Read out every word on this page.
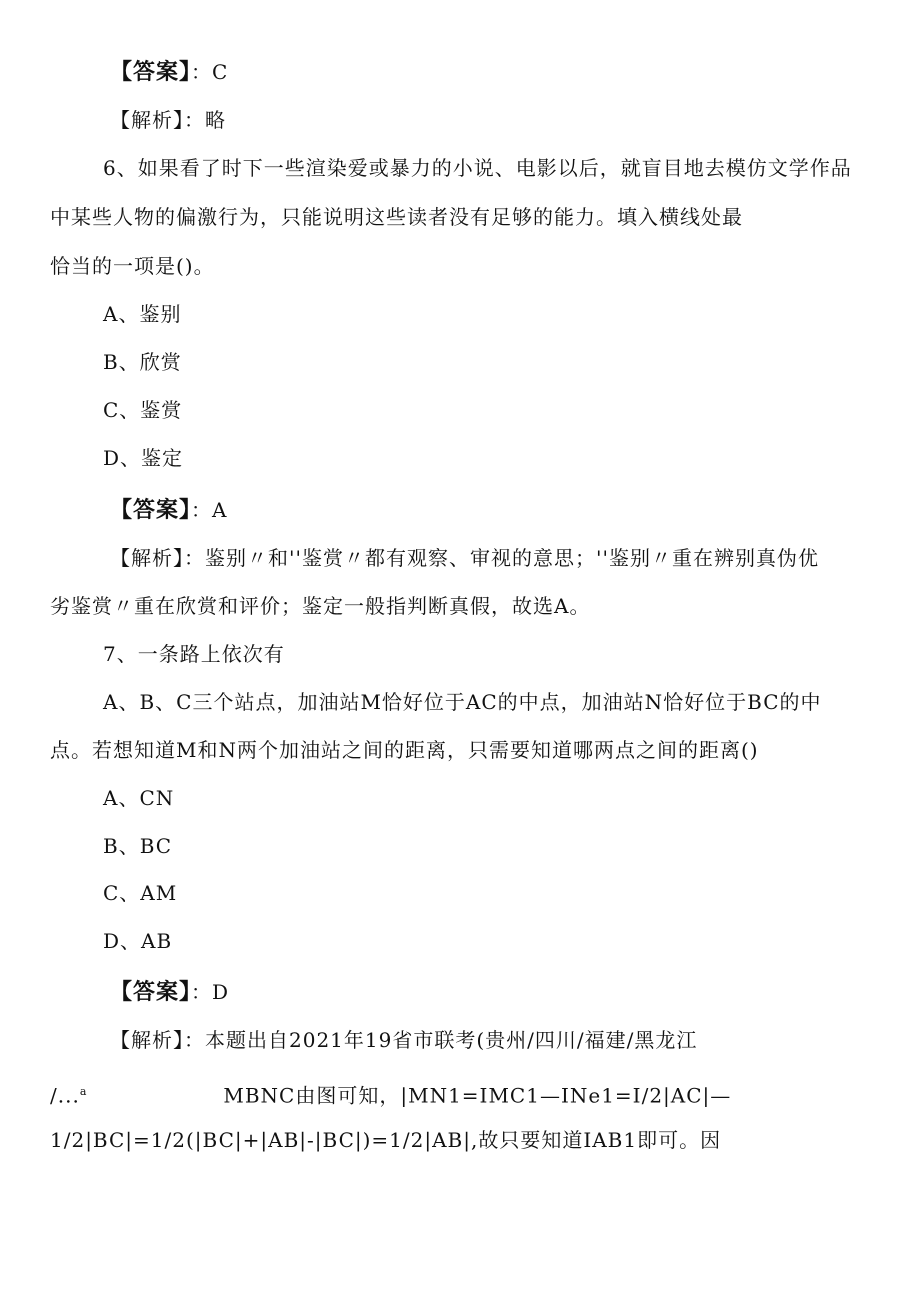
【答案】：C
【解析】：略
6、如果看了时下一些渲染爱或暴力的小说、电影以后，就盲目地去模仿文学作品
中某些人物的偏激行为，只能说明这些读者没有足够的能力。填入横线处最
恰当的一项是()。
A、鉴别
B、欣赏
C、鉴赏
D、鉴定
【答案】：A
【解析】：鉴别〃和''鉴赏〃都有观察、审视的意思；''鉴别〃重在辨别真伪优
劣鉴赏〃重在欣赏和评价；鉴定一般指判断真假，故选A。
7、一条路上依次有
A、B、C三个站点，加油站M恰好位于AC的中点，加油站N恰好位于BC的中
点。若想知道M和N两个加油站之间的距离，只需要知道哪两点之间的距离()
A、CN
B、BC
C、AM
D、AB
【答案】：D
【解析】：本题出自2021年19省市联考(贵州/四川/福建/黑龙江
/...$^a$	MBNC由图可知，|MN1=IMC1—INe1=I/2|AC|—
1/2|BC|=1/2(|BC|+|AB|-|BC|)=1/2|AB|,故只要知道IAB1即可。因
